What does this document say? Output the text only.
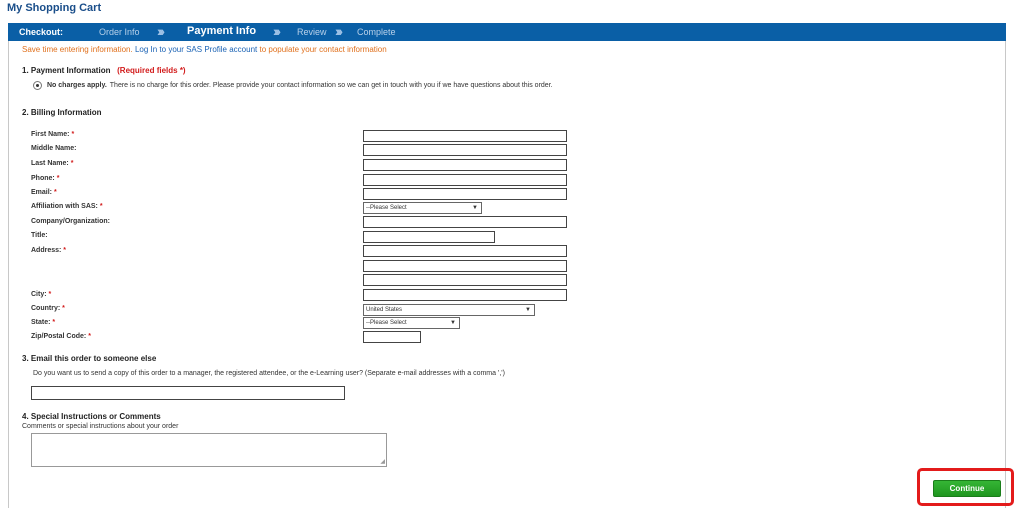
My Shopping Cart
Checkout:	Order Info ››› Payment Info ››› Review ››› Complete
Save time entering information. Log In to your SAS Profile account to populate your contact information
1. Payment Information (Required fields *)
No charges apply. There is no charge for this order. Please provide your contact information so we can get in touch with you if we have questions about this order.
2. Billing Information
First Name: *
Middle Name:
Last Name: *
Phone: *
Email: *
Affiliation with SAS: *	--Please Select	▼
Company/Organization:
Title:
Address: *
City: *
Country: *	United States	▼
State: *	--Please Select	▼
Zip/Postal Code: *
3. Email this order to someone else
Do you want us to send a copy of this order to a manager, the registered attendee, or the e-Learning user? (Separate e-mail addresses with a comma ',')
4. Special Instructions or Comments
Comments or special instructions about your order
◢
Continue
